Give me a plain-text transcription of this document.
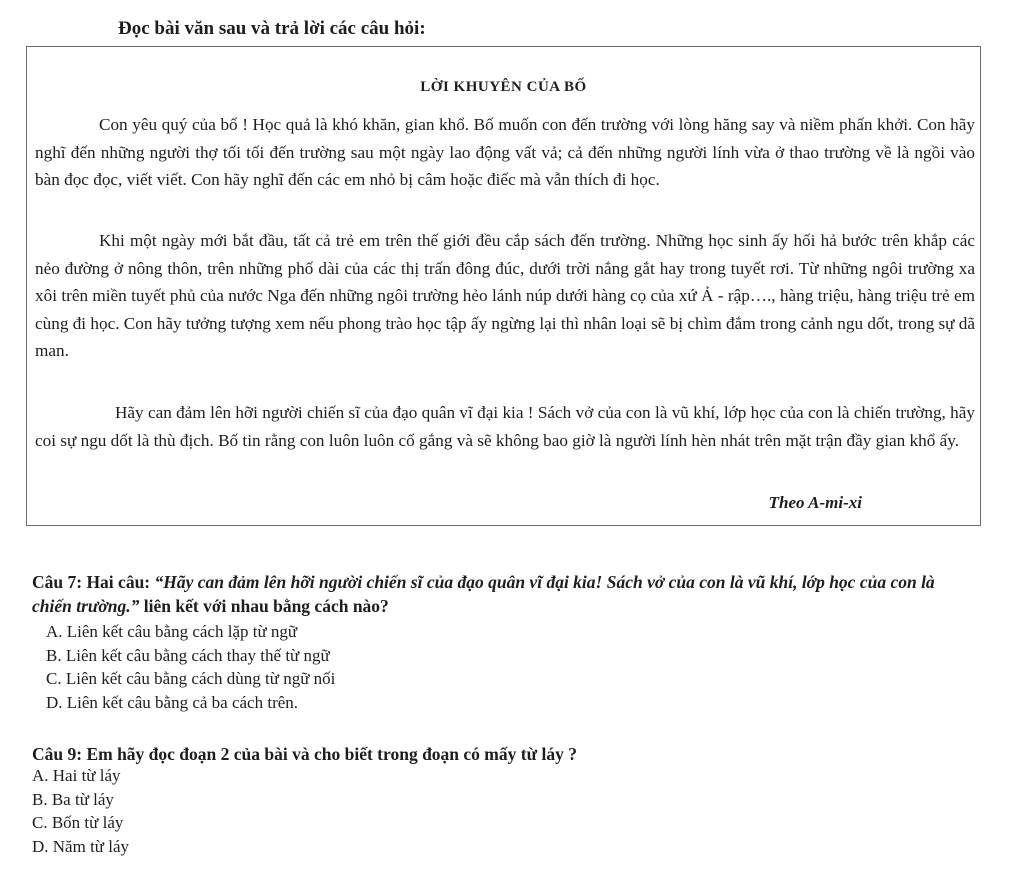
Đọc bài văn sau và trả lời các câu hỏi:
LỜI KHUYÊN CỦA BỐ

Con yêu quý của bố ! Học quả là khó khăn, gian khổ. Bố muốn con đến trường với lòng hăng say và niềm phấn khởi. Con hãy nghĩ đến những người thợ tối tối đến trường sau một ngày lao động vất vả; cả đến những người lính vừa ở thao trường về là ngồi vào bàn đọc đọc, viết viết. Con hãy nghĩ đến các em nhỏ bị câm hoặc điếc mà vẫn thích đi học.

Khi một ngày mới bắt đầu, tất cả trẻ em trên thế giới đều cắp sách đến trường. Những học sinh ấy hối hả bước trên khắp các nẻo đường ở nông thôn, trên những phố dài của các thị trấn đông đúc, dưới trời nắng gắt hay trong tuyết rơi. Từ những ngôi trường xa xôi trên miền tuyết phủ của nước Nga đến những ngôi trường hẻo lánh núp dưới hàng cọ của xứ Ả - rập…., hàng triệu, hàng triệu trẻ em cùng đi học. Con hãy tưởng tượng xem nếu phong trào học tập ấy ngừng lại thì nhân loại sẽ bị chìm đắm trong cảnh ngu dốt, trong sự dã man.

Hãy can đảm lên hỡi người chiến sĩ của đạo quân vĩ đại kia ! Sách vở của con là vũ khí, lớp học của con là chiến trường, hãy coi sự ngu dốt là thù địch. Bố tin rằng con luôn luôn cố gắng và sẽ không bao giờ là người lính hèn nhát trên mặt trận đầy gian khổ ấy.

Theo A-mi-xi

Câu 7: Hai câu: “Hãy can đảm lên hỡi người chiến sĩ của đạo quân vĩ đại kia! Sách vở của con là vũ khí, lớp học của con là chiến trường.” liên kết với nhau bằng cách nào?

A. Liên kết câu bằng cách lặp từ ngữ
B. Liên kết câu bằng cách thay thế từ ngữ
C. Liên kết câu bằng cách dùng từ ngữ nối
D. Liên kết câu bằng cả ba cách trên.

Câu 9: Em hãy đọc đoạn 2 của bài và cho biết trong đoạn có mấy từ láy ?

A. Hai từ láy
B. Ba từ láy
C. Bốn từ láy
D. Năm từ láy
